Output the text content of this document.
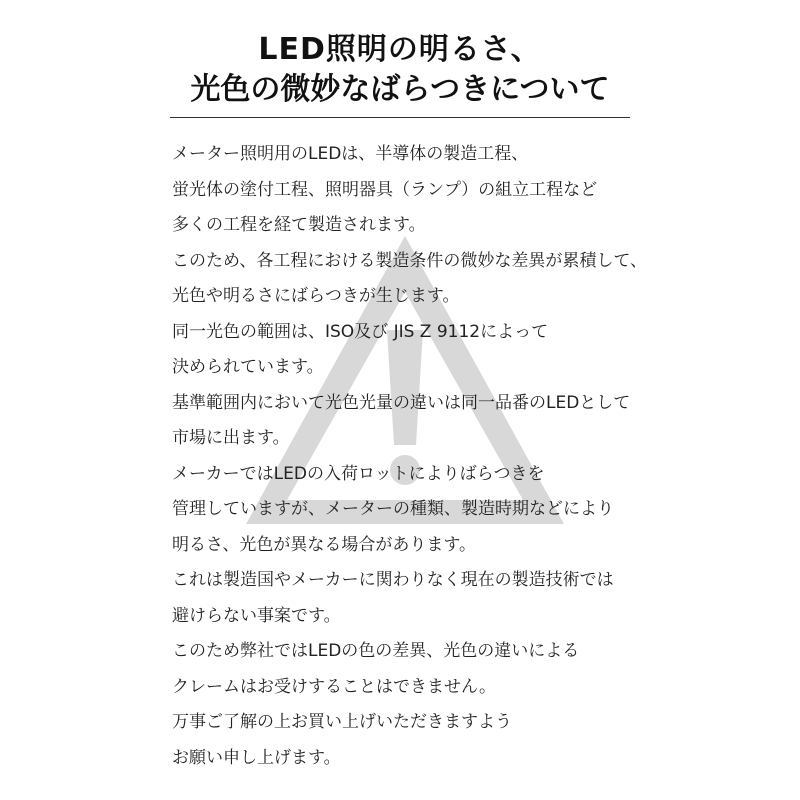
LED照明の明るさ、
光色の微妙なばらつきについて
メーター照明用のLEDは、半導体の製造工程、
蛍光体の塗付工程、照明器具（ランプ）の組立工程など
多くの工程を経て製造されます。
このため、各工程における製造条件の微妙な差異が累積して、
光色や明るさにばらつきが生じます。
同一光色の範囲は、ISO及び JIS Z 9112によって
決められています。
基準範囲内において光色光量の違いは同一品番のLEDとして
市場に出ます。
メーカーではLEDの入荷ロットによりばらつきを
管理していますが、メーターの種類、製造時期などにより
明るさ、光色が異なる場合があります。
これは製造国やメーカーに関わりなく現在の製造技術では
避けらない事案です。
このため弊社ではLEDの色の差異、光色の違いによる
クレームはお受けすることはできません。
万事ご了解の上お買い上げいただきますよう
お願い申し上げます。
